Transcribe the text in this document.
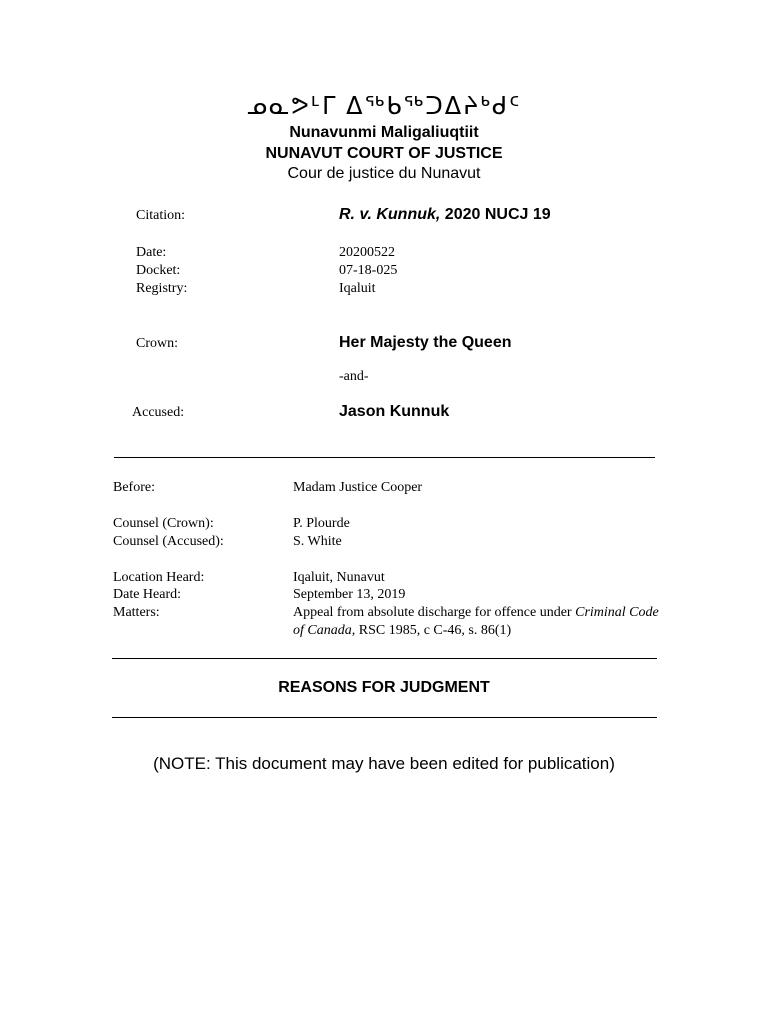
ᓄᓇᕗᒻᒥ ᐃᖅᑲᖅᑐᐃᔨᒃᑯᑦ
Nunavunmi Maligaliuqtiit
NUNAVUT COURT OF JUSTICE
Cour de justice du Nunavut
Citation:	R. v. Kunnuk, 2020 NUCJ 19
Date:	20200522
Docket:	07-18-025
Registry:	Iqaluit
Crown:	Her Majesty the Queen
-and-
Accused:	Jason Kunnuk
Before:	Madam Justice Cooper
Counsel (Crown):	P. Plourde
Counsel (Accused):	S. White
Location Heard:	Iqaluit, Nunavut
Date Heard:	September 13, 2019
Matters:	Appeal from absolute discharge for offence under Criminal Code of Canada, RSC 1985, c C-46, s. 86(1)
REASONS FOR JUDGMENT
(NOTE: This document may have been edited for publication)
